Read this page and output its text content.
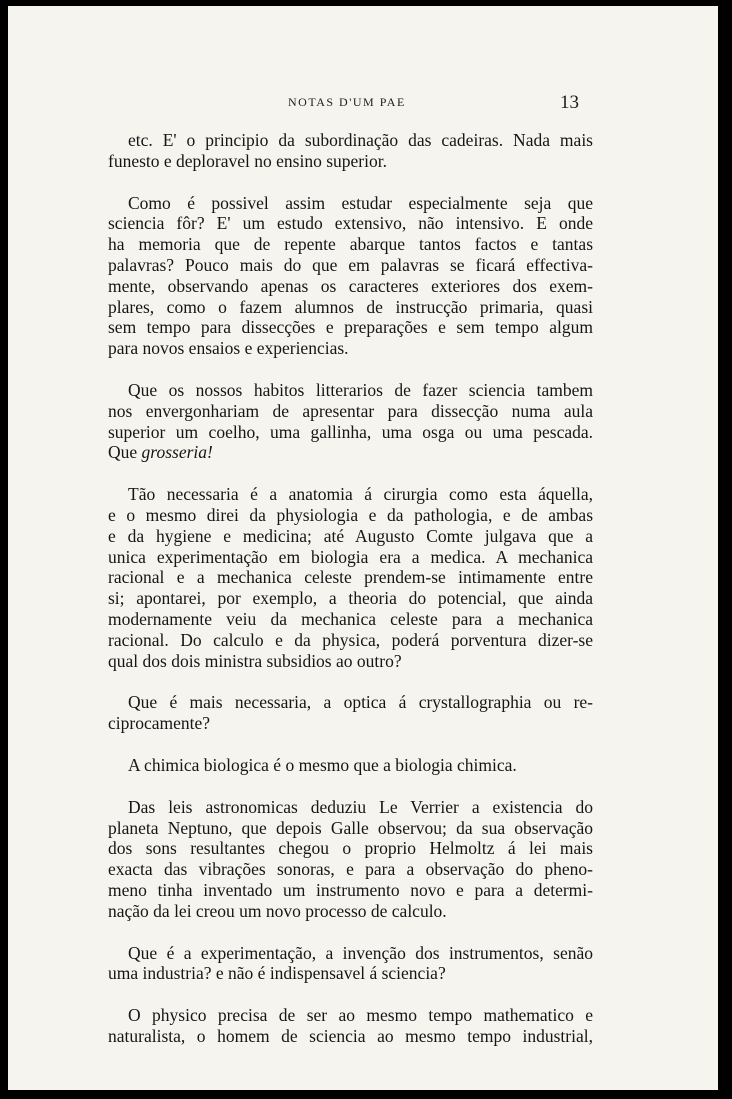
NOTAS D'UM PAE	13
etc. E' o principio da subordinação das cadeiras. Nada mais
funesto e deploravel no ensino superior.
Como é possivel assim estudar especialmente seja que
sciencia fôr? E' um estudo extensivo, não intensivo. E onde
ha memoria que de repente abarque tantos factos e tantas
palavras? Pouco mais do que em palavras se ficará effectiva-
mente, observando apenas os caracteres exteriores dos exem-
plares, como o fazem alumnos de instrucção primaria, quasi
sem tempo para dissecções e preparações e sem tempo algum
para novos ensaios e experiencias.
Que os nossos habitos litterarios de fazer sciencia tambem
nos envergonhariam de apresentar para dissecção numa aula
superior um coelho, uma gallinha, uma osga ou uma pescada.
Que grosseria!
Tão necessaria é a anatomia á cirurgia como esta áquella,
e o mesmo direi da physiologia e da pathologia, e de ambas
e da hygiene e medicina; até Augusto Comte julgava que a
unica experimentação em biologia era a medica. A mechanica
racional e a mechanica celeste prendem-se intimamente entre
si; apontarei, por exemplo, a theoria do potencial, que ainda
modernamente veiu da mechanica celeste para a mechanica
racional. Do calculo e da physica, poderá porventura dizer-se
qual dos dois ministra subsidios ao outro?
Que é mais necessaria, a optica á crystallographia ou re-
ciprocamente?
A chimica biologica é o mesmo que a biologia chimica.
Das leis astronomicas deduziu Le Verrier a existencia do
planeta Neptuno, que depois Galle observou; da sua observação
dos sons resultantes chegou o proprio Helmoltz á lei mais
exacta das vibrações sonoras, e para a observação do pheno-
meno tinha inventado um instrumento novo e para a determi-
nação da lei creou um novo processo de calculo.
Que é a experimentação, a invenção dos instrumentos, senão
uma industria? e não é indispensavel á sciencia?
O physico precisa de ser ao mesmo tempo mathematico e
naturalista, o homem de sciencia ao mesmo tempo industrial,
